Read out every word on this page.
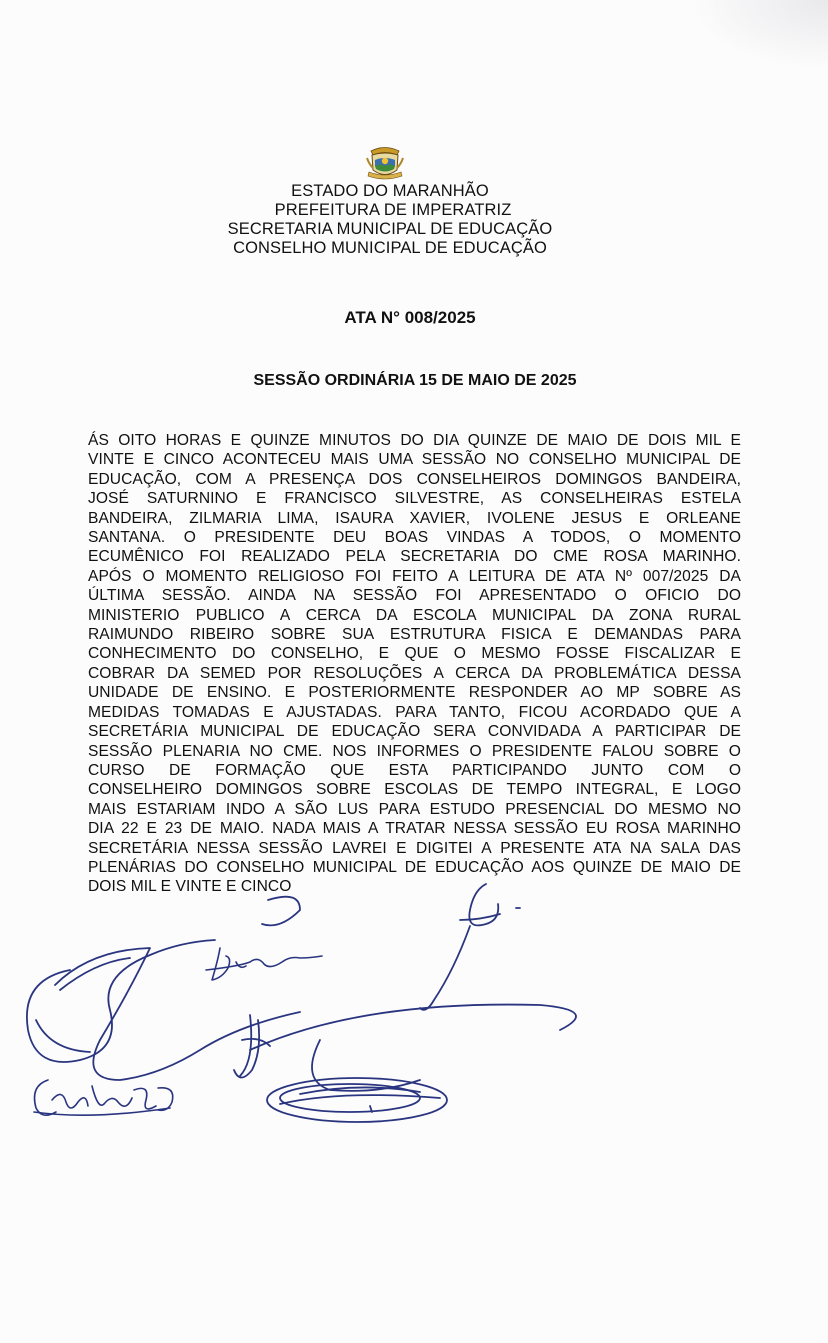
ESTADO DO MARANHÃO
PREFEITURA DE IMPERATRIZ
SECRETARIA MUNICIPAL DE EDUCAÇÃO
CONSELHO MUNICIPAL DE EDUCAÇÃO
ATA N° 008/2025
SESSÃO ORDINÁRIA 15 DE MAIO DE 2025
ÁS OITO HORAS E QUINZE MINUTOS DO DIA QUINZE DE MAIO DE DOIS MIL E
VINTE E CINCO ACONTECEU MAIS UMA SESSÃO NO CONSELHO MUNICIPAL DE
EDUCAÇÃO, COM A PRESENÇA DOS CONSELHEIROS DOMINGOS BANDEIRA,
JOSÉ SATURNINO E FRANCISCO SILVESTRE, AS CONSELHEIRAS ESTELA
BANDEIRA, ZILMARIA LIMA, ISAURA XAVIER, IVOLENE JESUS E ORLEANE
SANTANA. O PRESIDENTE DEU BOAS VINDAS A TODOS, O MOMENTO
ECUMÊNICO FOI REALIZADO PELA SECRETARIA DO CME ROSA MARINHO.
APÓS O MOMENTO RELIGIOSO FOI FEITO A LEITURA DE ATA Nº 007/2025 DA
ÚLTIMA SESSÃO. AINDA NA SESSÃO FOI APRESENTADO O OFICIO DO
MINISTERIO PUBLICO A CERCA DA ESCOLA MUNICIPAL DA ZONA RURAL
RAIMUNDO RIBEIRO SOBRE SUA ESTRUTURA FISICA E DEMANDAS PARA
CONHECIMENTO DO CONSELHO, E QUE O MESMO FOSSE FISCALIZAR E
COBRAR DA SEMED POR RESOLUÇÕES A CERCA DA PROBLEMÁTICA DESSA
UNIDADE DE ENSINO. E POSTERIORMENTE RESPONDER AO MP SOBRE AS
MEDIDAS TOMADAS E AJUSTADAS. PARA TANTO, FICOU ACORDADO QUE A
SECRETÁRIA MUNICIPAL DE EDUCAÇÃO SERA CONVIDADA A PARTICIPAR DE
SESSÃO PLENARIA NO CME. NOS INFORMES O PRESIDENTE FALOU SOBRE O
CURSO DE FORMAÇÃO QUE ESTA PARTICIPANDO JUNTO COM O
CONSELHEIRO DOMINGOS SOBRE ESCOLAS DE TEMPO INTEGRAL, E LOGO
MAIS ESTARIAM INDO A SÃO LUS PARA ESTUDO PRESENCIAL DO MESMO NO
DIA 22 E 23 DE MAIO. NADA MAIS A TRATAR NESSA SESSÃO EU ROSA MARINHO
SECRETÁRIA NESSA SESSÃO LAVREI E DIGITEI A PRESENTE ATA NA SALA DAS
PLENÁRIAS DO CONSELHO MUNICIPAL DE EDUCAÇÃO AOS QUINZE DE MAIO DE
DOIS MIL E VINTE E CINCO
